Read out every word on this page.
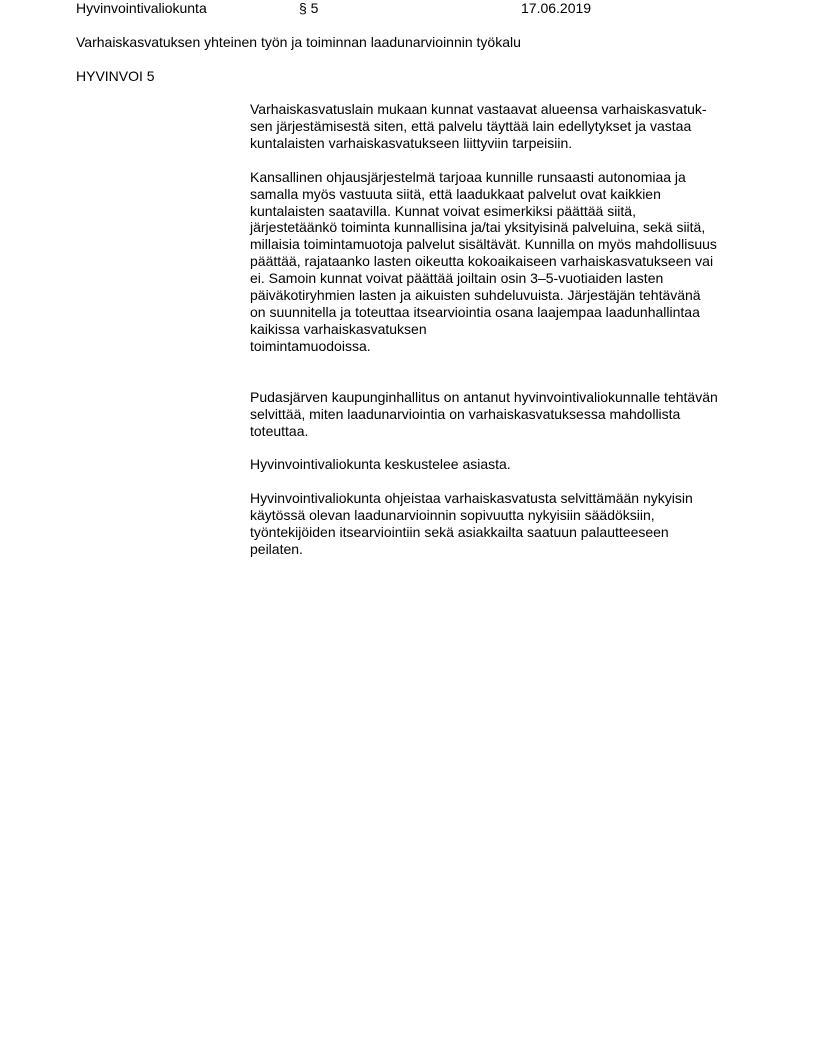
Hyvinvointivaliokunta	§ 5	17.06.2019
Varhaiskasvatuksen yhteinen työn ja toiminnan laadunarvioinnin työkalu
HYVINVOI 5

Varhaiskasvatuslain mukaan kunnat vastaavat alueensa varhaiskasvatuk-
sen järjestämisestä siten, että palvelu täyttää lain edellytykset ja vastaa
kuntalaisten varhaiskasvatukseen liittyviin tarpeisiin.

Kansallinen ohjausjärjestelmä tarjoaa kunnille runsaasti autonomiaa ja
samalla myös vastuuta siitä, että laadukkaat palvelut ovat kaikkien
kuntalaisten saatavilla. Kunnat voivat esimerkiksi päättää siitä,
järjestetäänkö toiminta kunnallisina ja/tai yksityisinä palveluina, sekä siitä,
millaisia toimintamuotoja palvelut sisältävät. Kunnilla on myös mahdollisuus
päättää, rajataanko lasten oikeutta kokoaikaiseen varhaiskasvatukseen vai
ei. Samoin kunnat voivat päättää joiltain osin 3–5-vuotiaiden lasten
päiväkotiryhmien lasten ja aikuisten suhdeluvuista. Järjestäjän tehtävänä
on suunnitella ja toteuttaa itsearviointia osana laajempaa laadunhallintaa
kaikissa varhaiskasvatuksen
toimintamuodoissa.

Pudasjärven kaupunginhallitus on antanut hyvinvointivaliokunnalle tehtävän
selvittää, miten laadunarviointia on varhaiskasvatuksessa mahdollista
toteuttaa.

Hyvinvointivaliokunta keskustelee asiasta.

Hyvinvointivaliokunta ohjeistaa varhaiskasvatusta selvittämään nykyisin
käytössä olevan laadunarvioinnin sopivuutta nykyisiin säädöksiin,
työntekijöiden itsearviointiin sekä asiakkailta saatuun palautteeseen
peilaten.
